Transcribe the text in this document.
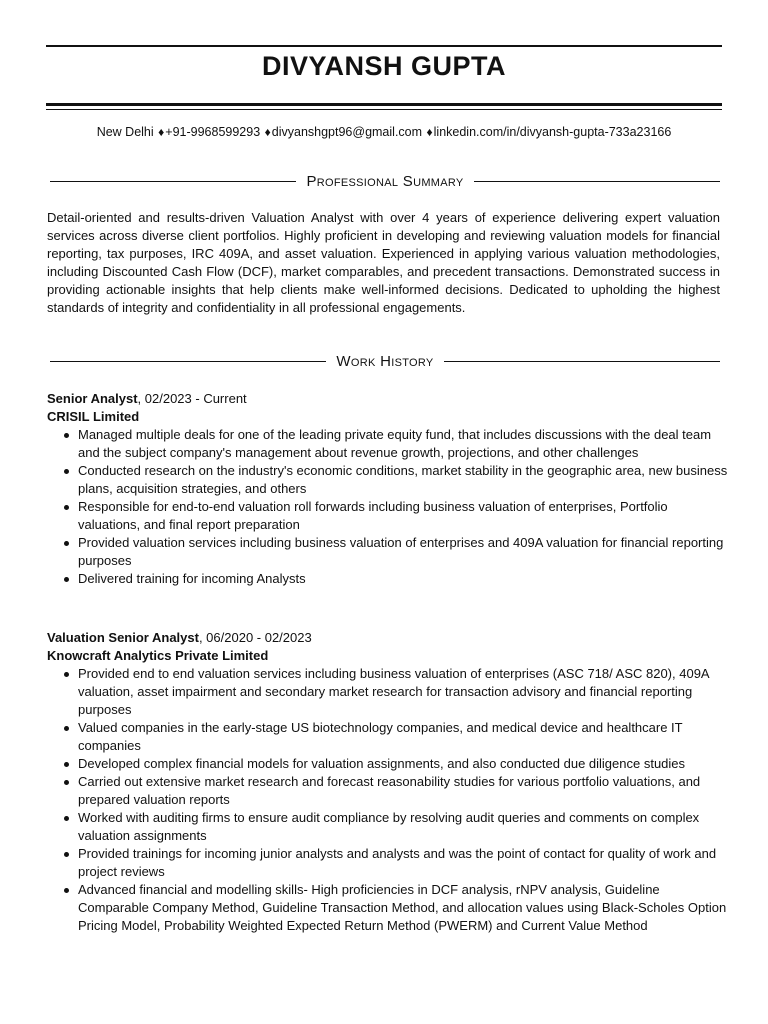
DIVYANSH GUPTA
New Delhi ♦+91-9968599293 ♦divyanshgpt96@gmail.com ♦linkedin.com/in/divyansh-gupta-733a23166
Professional Summary
Detail-oriented and results-driven Valuation Analyst with over 4 years of experience delivering expert valuation services across diverse client portfolios. Highly proficient in developing and reviewing valuation models for financial reporting, tax purposes, IRC 409A, and asset valuation. Experienced in applying various valuation methodologies, including Discounted Cash Flow (DCF), market comparables, and precedent transactions. Demonstrated success in providing actionable insights that help clients make well-informed decisions. Dedicated to upholding the highest standards of integrity and confidentiality in all professional engagements.
Work History
Senior Analyst, 02/2023 - Current
CRISIL Limited
Managed multiple deals for one of the leading private equity fund, that includes discussions with the deal team and the subject company's management about revenue growth, projections, and other challenges
Conducted research on the industry's economic conditions, market stability in the geographic area, new business plans, acquisition strategies, and others
Responsible for end-to-end valuation roll forwards including business valuation of enterprises, Portfolio valuations, and final report preparation
Provided valuation services including business valuation of enterprises and 409A valuation for financial reporting purposes
Delivered training for incoming Analysts
Valuation Senior Analyst, 06/2020 - 02/2023
Knowcraft Analytics Private Limited
Provided end to end valuation services including business valuation of enterprises (ASC 718/ ASC 820), 409A valuation, asset impairment and secondary market research for transaction advisory and financial reporting purposes
Valued companies in the early-stage US biotechnology companies, and medical device and healthcare IT companies
Developed complex financial models for valuation assignments, and also conducted due diligence studies
Carried out extensive market research and forecast reasonability studies for various portfolio valuations, and prepared valuation reports
Worked with auditing firms to ensure audit compliance by resolving audit queries and comments on complex valuation assignments
Provided trainings for incoming junior analysts and analysts and was the point of contact for quality of work and project reviews
Advanced financial and modelling skills- High proficiencies in DCF analysis, rNPV analysis, Guideline Comparable Company Method, Guideline Transaction Method, and allocation values using Black-Scholes Option Pricing Model, Probability Weighted Expected Return Method (PWERM) and Current Value Method
